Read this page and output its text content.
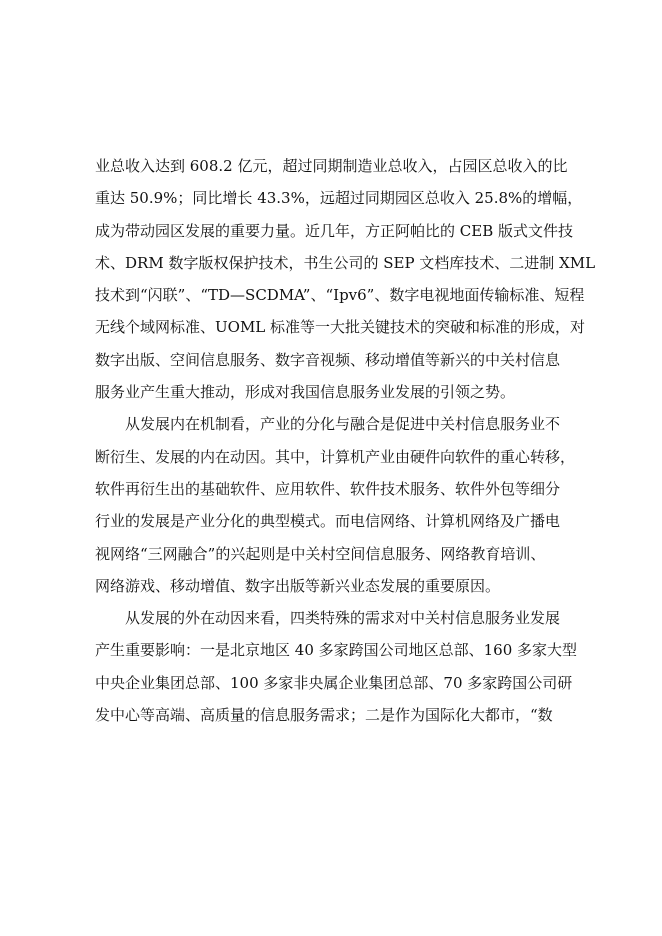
业总收入达到 608.2 亿元，超过同期制造业总收入，占园区总收入的比
重达 50.9%；同比增长 43.3%，远超过同期园区总收入 25.8%的增幅，
成为带动园区发展的重要力量。近几年，方正阿帕比的 CEB 版式文件技
术、DRM 数字版权保护技术，书生公司的 SEP 文档库技术、二进制 XML
技术到“闪联”、“TD—SCDMA”、“Ipv6”、数字电视地面传输标准、短程
无线个域网标准、UOML 标准等一大批关键技术的突破和标准的形成，对
数字出版、空间信息服务、数字音视频、移动增值等新兴的中关村信息
服务业产生重大推动，形成对我国信息服务业发展的引领之势。
从发展内在机制看，产业的分化与融合是促进中关村信息服务业不
断衍生、发展的内在动因。其中，计算机产业由硬件向软件的重心转移，
软件再衍生出的基础软件、应用软件、软件技术服务、软件外包等细分
行业的发展是产业分化的典型模式。而电信网络、计算机网络及广播电
视网络“三网融合”的兴起则是中关村空间信息服务、网络教育培训、
网络游戏、移动增值、数字出版等新兴业态发展的重要原因。
从发展的外在动因来看，四类特殊的需求对中关村信息服务业发展
产生重要影响：一是北京地区 40 多家跨国公司地区总部、160 多家大型
中央企业集团总部、100 多家非央属企业集团总部、70 多家跨国公司研
发中心等高端、高质量的信息服务需求；二是作为国际化大都市，“数
